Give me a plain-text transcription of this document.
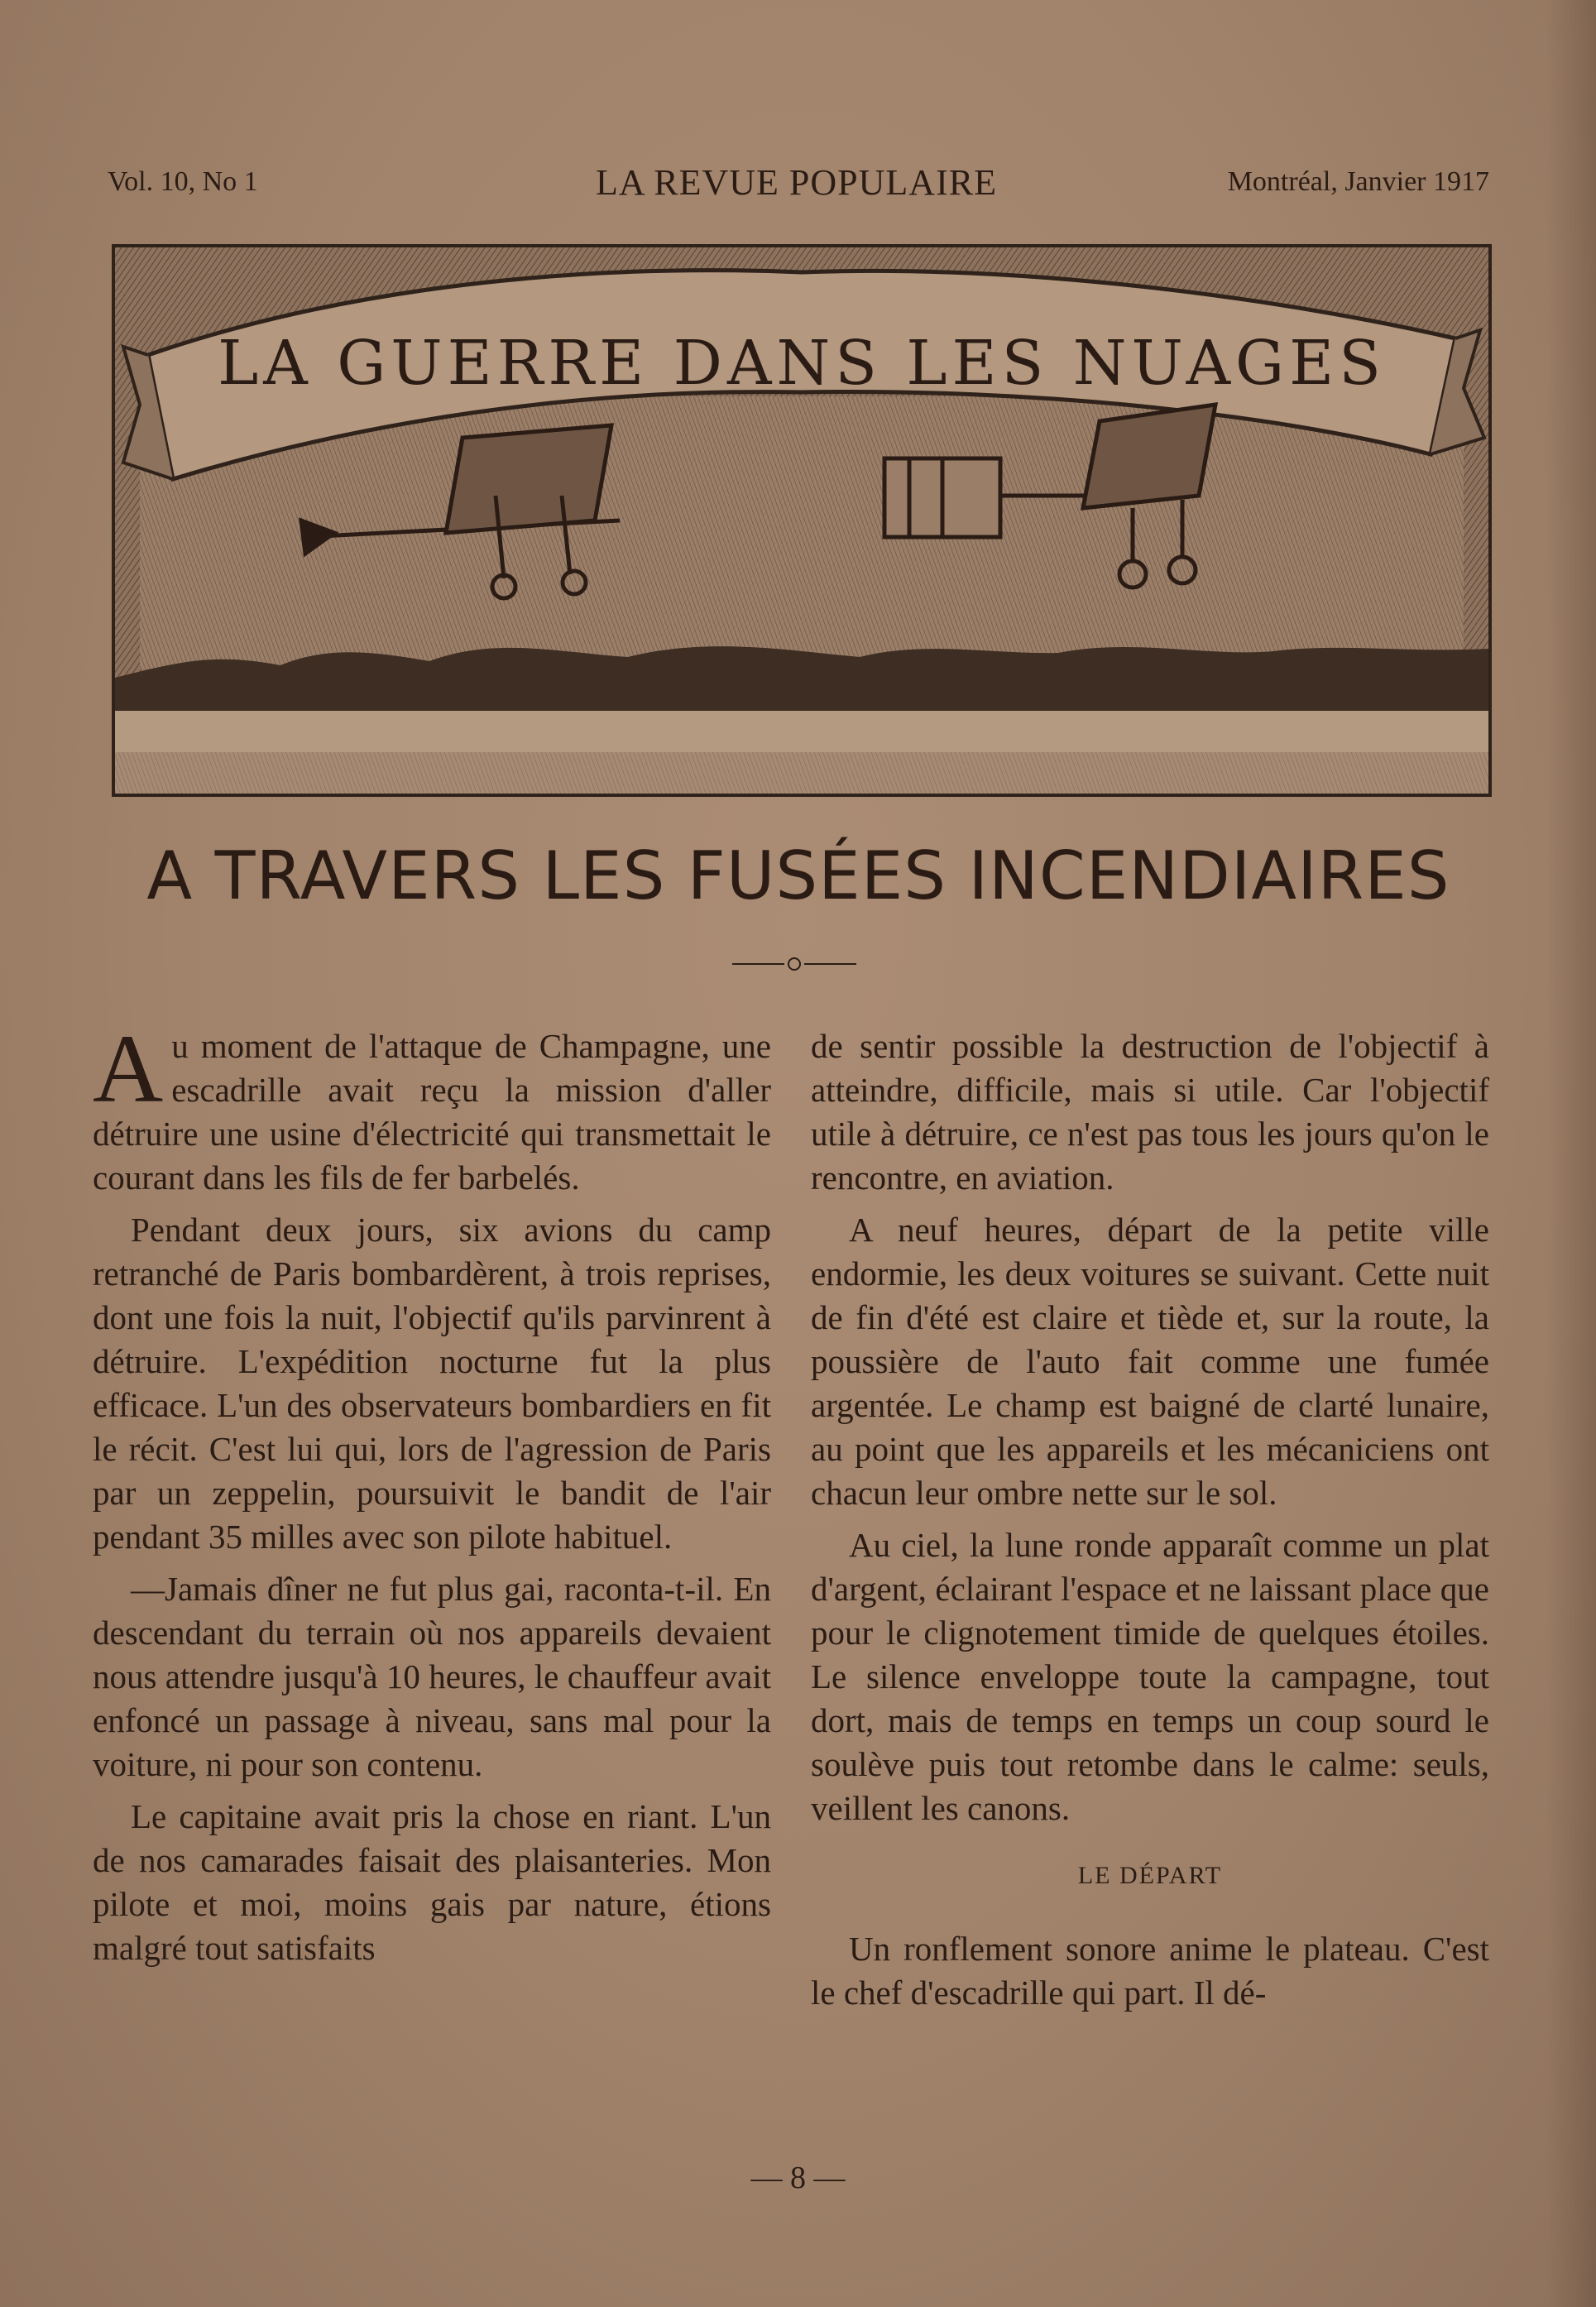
Vol. 10, No 1	LA REVUE POPULAIRE	Montréal, Janvier 1917
LA GUERRE DANS LES NUAGES
A TRAVERS LES FUSÉES INCENDIAIRES

Au moment de l'attaque de Champagne, une escadrille avait reçu la mission d'aller détruire une usine d'électricité qui transmettait le courant dans les fils de fer barbelés.

Pendant deux jours, six avions du camp retranché de Paris bombardèrent, à trois reprises, dont une fois la nuit, l'objectif qu'ils parvinrent à détruire. L'expédition nocturne fut la plus efficace. L'un des observateurs bombardiers en fit le récit. C'est lui qui, lors de l'agression de Paris par un zeppelin, poursuivit le bandit de l'air pendant 35 milles avec son pilote habituel.

—Jamais dîner ne fut plus gai, raconta-t-il. En descendant du terrain où nos appareils devaient nous attendre jusqu'à 10 heures, le chauffeur avait enfoncé un passage à niveau, sans mal pour la voiture, ni pour son contenu.

Le capitaine avait pris la chose en riant. L'un de nos camarades faisait des plaisanteries. Mon pilote et moi, moins gais par nature, étions malgré tout satisfaits

de sentir possible la destruction de l'objectif à atteindre, difficile, mais si utile. Car l'objectif utile à détruire, ce n'est pas tous les jours qu'on le rencontre, en aviation.

A neuf heures, départ de la petite ville endormie, les deux voitures se suivant. Cette nuit de fin d'été est claire et tiède et, sur la route, la poussière de l'auto fait comme une fumée argentée. Le champ est baigné de clarté lunaire, au point que les appareils et les mécaniciens ont chacun leur ombre nette sur le sol.

Au ciel, la lune ronde apparaît comme un plat d'argent, éclairant l'espace et ne laissant place que pour le clignotement timide de quelques étoiles. Le silence enveloppe toute la campagne, tout dort, mais de temps en temps un coup sourd le soulève puis tout retombe dans le calme: seuls, veillent les canons.

LE DÉPART

Un ronflement sonore anime le plateau. C'est le chef d'escadrille qui part. Il dé-

— 8 —
